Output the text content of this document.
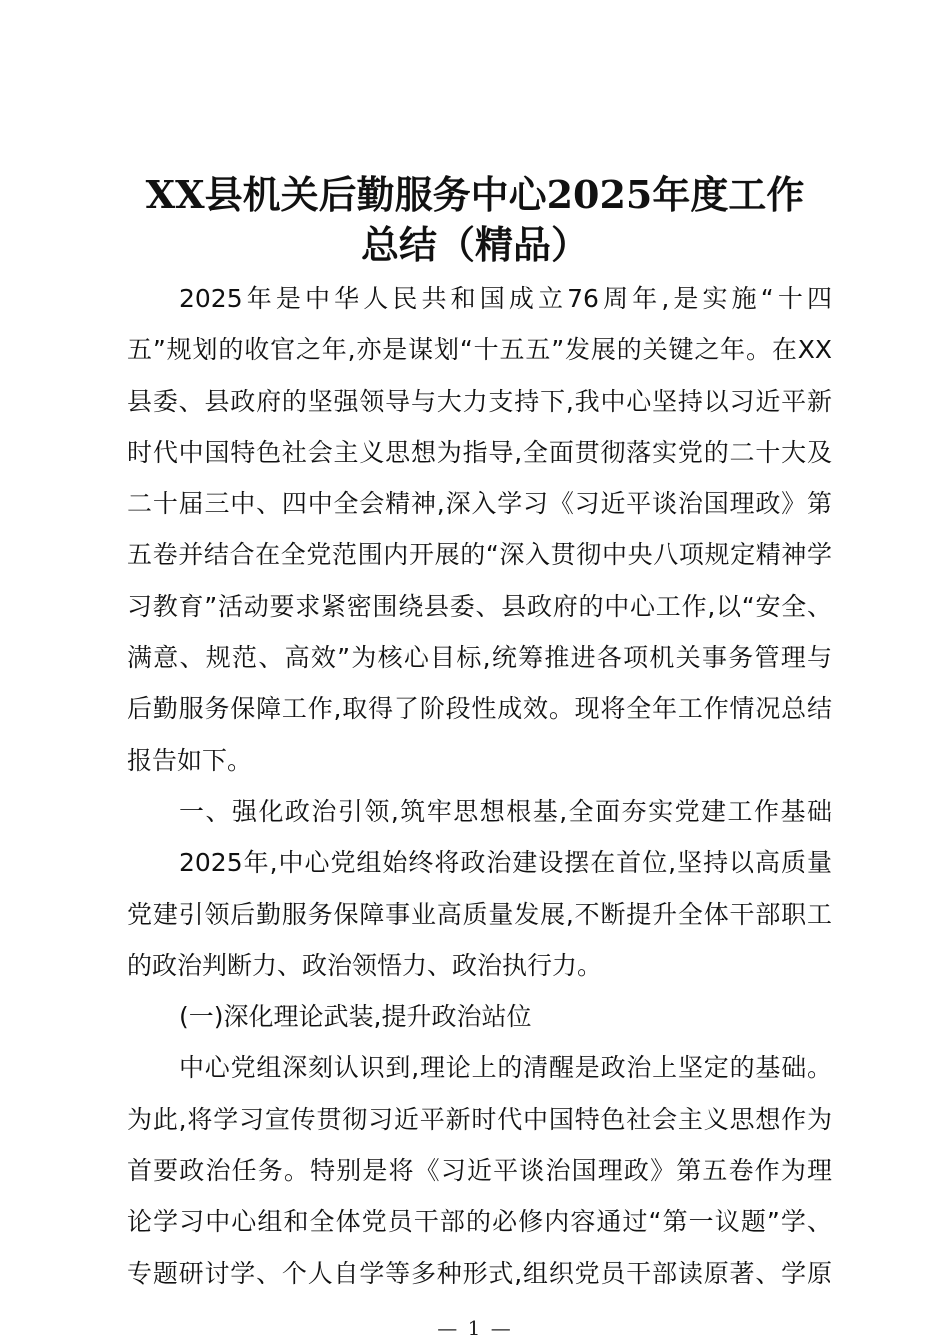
XX县机关后勤服务中心2025年度工作
总结（精品）
2025年是中华人民共和国成立76周年,是实施“十四
五”规划的收官之年,亦是谋划“十五五”发展的关键之年。在XX
县委、县政府的坚强领导与大力支持下,我中心坚持以习近平新
时代中国特色社会主义思想为指导,全面贯彻落实党的二十大及
二十届三中、四中全会精神,深入学习《习近平谈治国理政》第
五卷并结合在全党范围内开展的“深入贯彻中央八项规定精神学
习教育”活动要求紧密围绕县委、县政府的中心工作,以“安全、
满意、规范、高效”为核心目标,统筹推进各项机关事务管理与
后勤服务保障工作,取得了阶段性成效。现将全年工作情况总结
报告如下。
一、强化政治引领,筑牢思想根基,全面夯实党建工作基础
2025年,中心党组始终将政治建设摆在首位,坚持以高质量
党建引领后勤服务保障事业高质量发展,不断提升全体干部职工
的政治判断力、政治领悟力、政治执行力。
(一)深化理论武装,提升政治站位
中心党组深刻认识到,理论上的清醒是政治上坚定的基础。
为此,将学习宣传贯彻习近平新时代中国特色社会主义思想作为
首要政治任务。特别是将《习近平谈治国理政》第五卷作为理
论学习中心组和全体党员干部的必修内容通过“第一议题”学、
专题研讨学、个人自学等多种形式,组织党员干部读原著、学原
— 1 —
